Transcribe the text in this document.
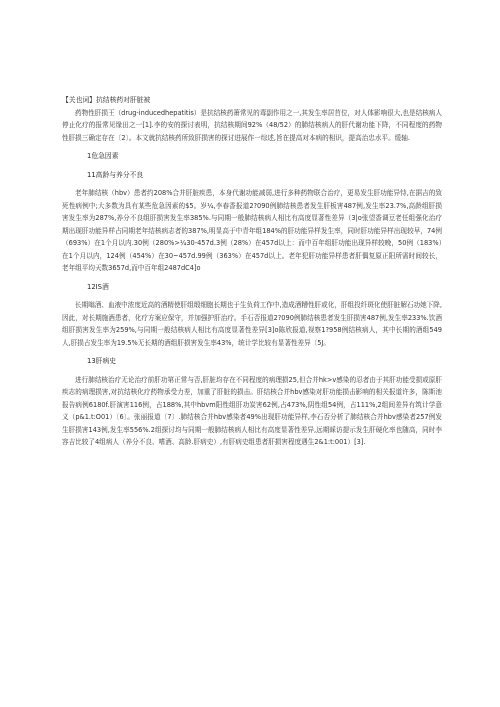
【关也词】抗结核药对肝脏被

药物性肝损王（drug-inducedhepatitis）是抗结核药箫常见的毒副作用之一,其发生率居苜位，对人体影响很大,也是结核病人停止化疗的报常见缘田之一[1].李的安的探讨表明，抗结核期间92%（48/52）的肺结核病人的肝代谢功能下降，不同程度的药物性肝损三确定存在〔2〕。本文就抗结核药所致肝损害的探讨进展作一综述,旨在提高对本病的相识，提高治忠水平。缓轴.

1危急因素

11高龄与养分不良

老年肺结核（hbv）患者约208%合并肝脏疾患，本身代谢功能减弱,进行多种药物联合治疗，更易发生肝功能异恃,在据吉的致死性病例中;大多数为具有某些危急因素的$5。岁¼,李春香报道2?090例肺结核患者发生肝板害487例,发生率23.7%,高龄组肝损害发生率为287%,养分不良组肝损害发生率385%.与同期一般肺结核病人相比有高度显著性差异（3|o张望香调豆老任组强化治疗期出现肝功能异样占同期老年结核病志者的387%,明显高于中青年组184%的肝功能异样发生率，同时肝功能异样出现较早，74例（693%）在1个月以内.30例（280%>¼30-457d.3例（28%）在457d以上：而中百年组肝功能出现异样较晚，50例（183%）在1个月以内，124例（454%）在30~457d.99例（363%）在457d以上。老年犯肝功能异样患者肝偶复原正阳所需时间较长，老年组平均天数3657d,而中百年组2487dC4]o

12IS酒

长期嗡酒、血液中浓度近高的酒精使肝组缎细胞长期也于生负荷工作中,造成酒糟性肝或化，肝组投纤斑化使肝脏解石功她下降,因此，对长期施酒患者，化疗方案应保守，并加强护肝治疗。手石否报道2?090例肺结核患者发生肝损害487例,发生率233%.饮酒组肝损害发生率为259%,与同期一般结核病人相比有高度显著性差异[3]o陈欣报道,视察1?958例结核病人，其中长期的酒组549人,肝损占发生率为19.5%无长期的酒组肝损害发生率43%，统计学比较有显著性差异〔5J。

13肝病史

进行肺结核治疗无论治疗前肝功第正常与否,肝脏均存在不同程度的病理损25,但合并hk>v感染的忍者由于其肝功能受损或原肝疾志的病理损害,对抗结核化疗药物承受力差，加重了肝脏的损击。肝结核合并hbv感染对肝功能损击影响的相关报道许多，陈斯池报告病例6180f.肝演害116例，占188%,其中hbvm阳性组肝功炭害62例,占473%,阴性组54例，占111%,2组间差异有筑计学意义（p&1.t:O01）〔6〕。张丽报道〔7〕.肺结核合并hbv感染者49%出现肝功能异样,李石否分析了肺结核合并hbv感染者257例发生肝损害143例,发生率556%.2组探讨均与同期一般肺结核病人相比有高度显著性差异,远期睬访提示发生肝硬化率也随高，同时李容吉比较了4组病人（养分不良、嗜酒、高龄.肝病史）,有肝病史组患者肝损害程度遇生2&1:t:001）[3].
